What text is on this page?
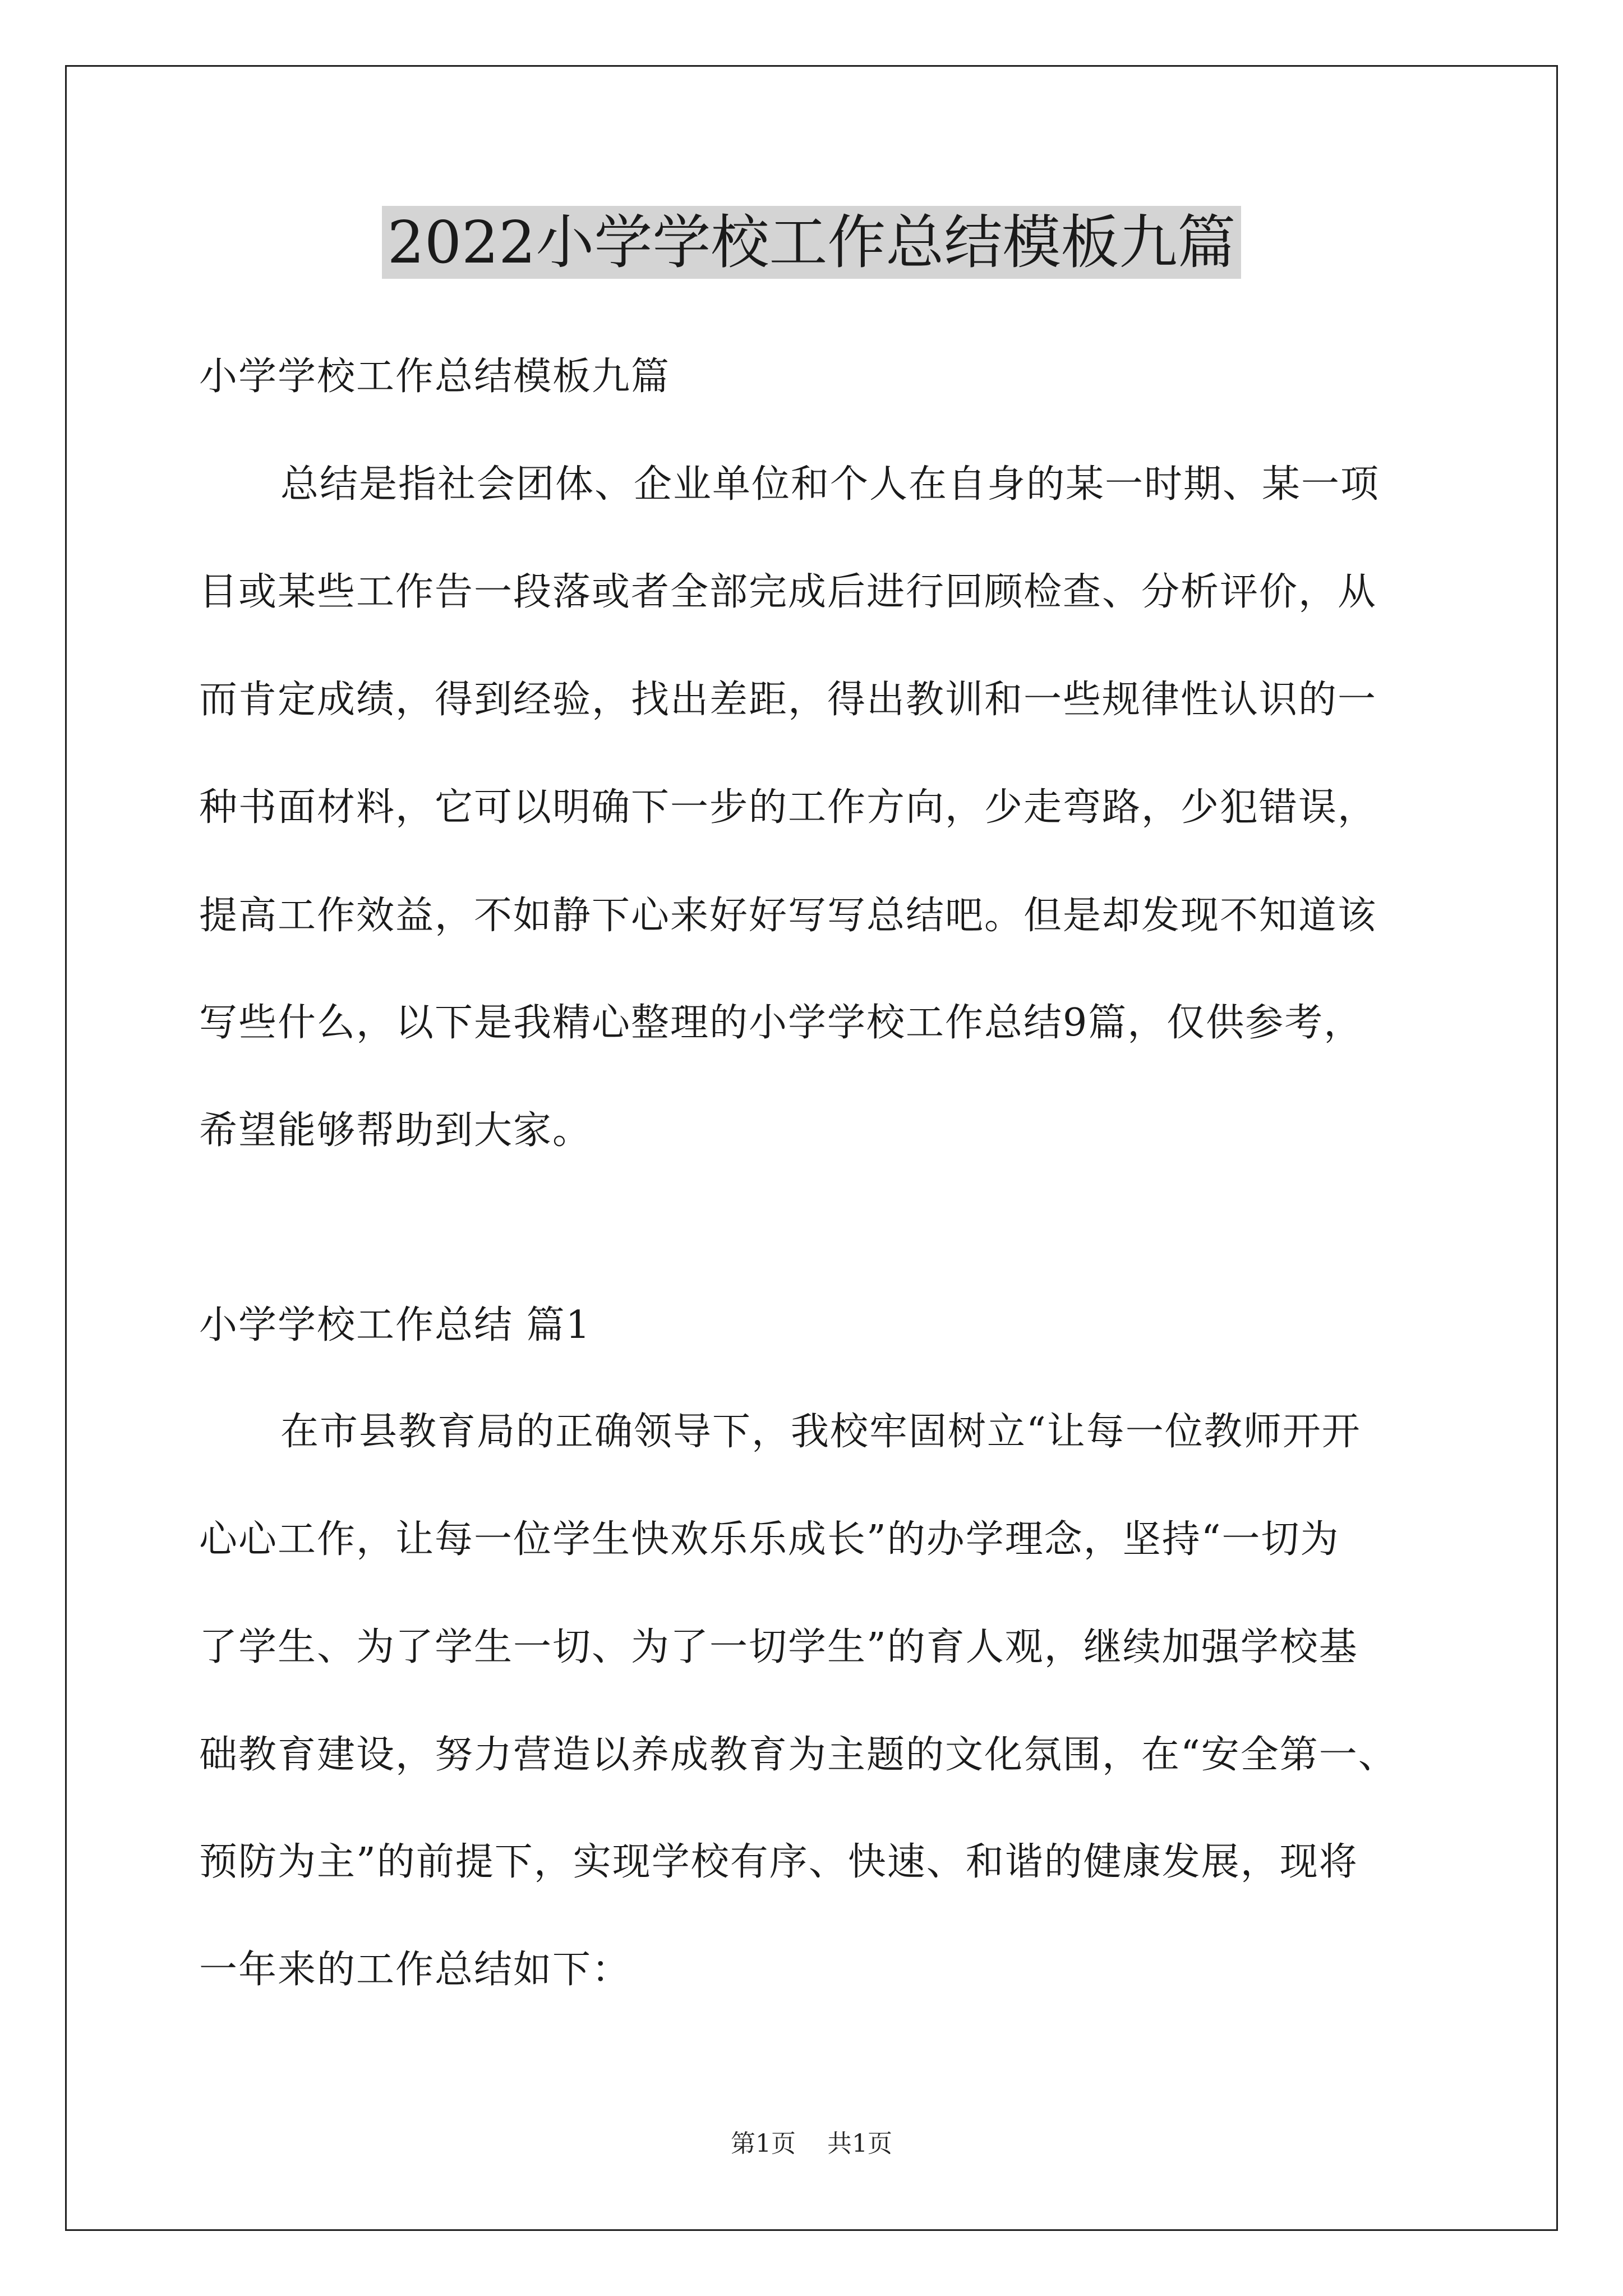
2022小学学校工作总结模板九篇
小学学校工作总结模板九篇
总结是指社会团体、企业单位和个人在自身的某一时期、某一项
目或某些工作告一段落或者全部完成后进行回顾检查、分析评价，从
而肯定成绩，得到经验，找出差距，得出教训和一些规律性认识的一
种书面材料，它可以明确下一步的工作方向，少走弯路，少犯错误，
提高工作效益，不如静下心来好好写写总结吧。但是却发现不知道该
写些什么，以下是我精心整理的小学学校工作总结9篇，仅供参考，
希望能够帮助到大家。
小学学校工作总结 篇1
在市县教育局的正确领导下，我校牢固树立“让每一位教师开开
心心工作，让每一位学生快欢乐乐成长”的办学理念，坚持“一切为
了学生、为了学生一切、为了一切学生”的育人观，继续加强学校基
础教育建设，努力营造以养成教育为主题的文化氛围，在“安全第一、
预防为主”的前提下，实现学校有序、快速、和谐的健康发展，现将
一年来的工作总结如下：
第1页 共1页
